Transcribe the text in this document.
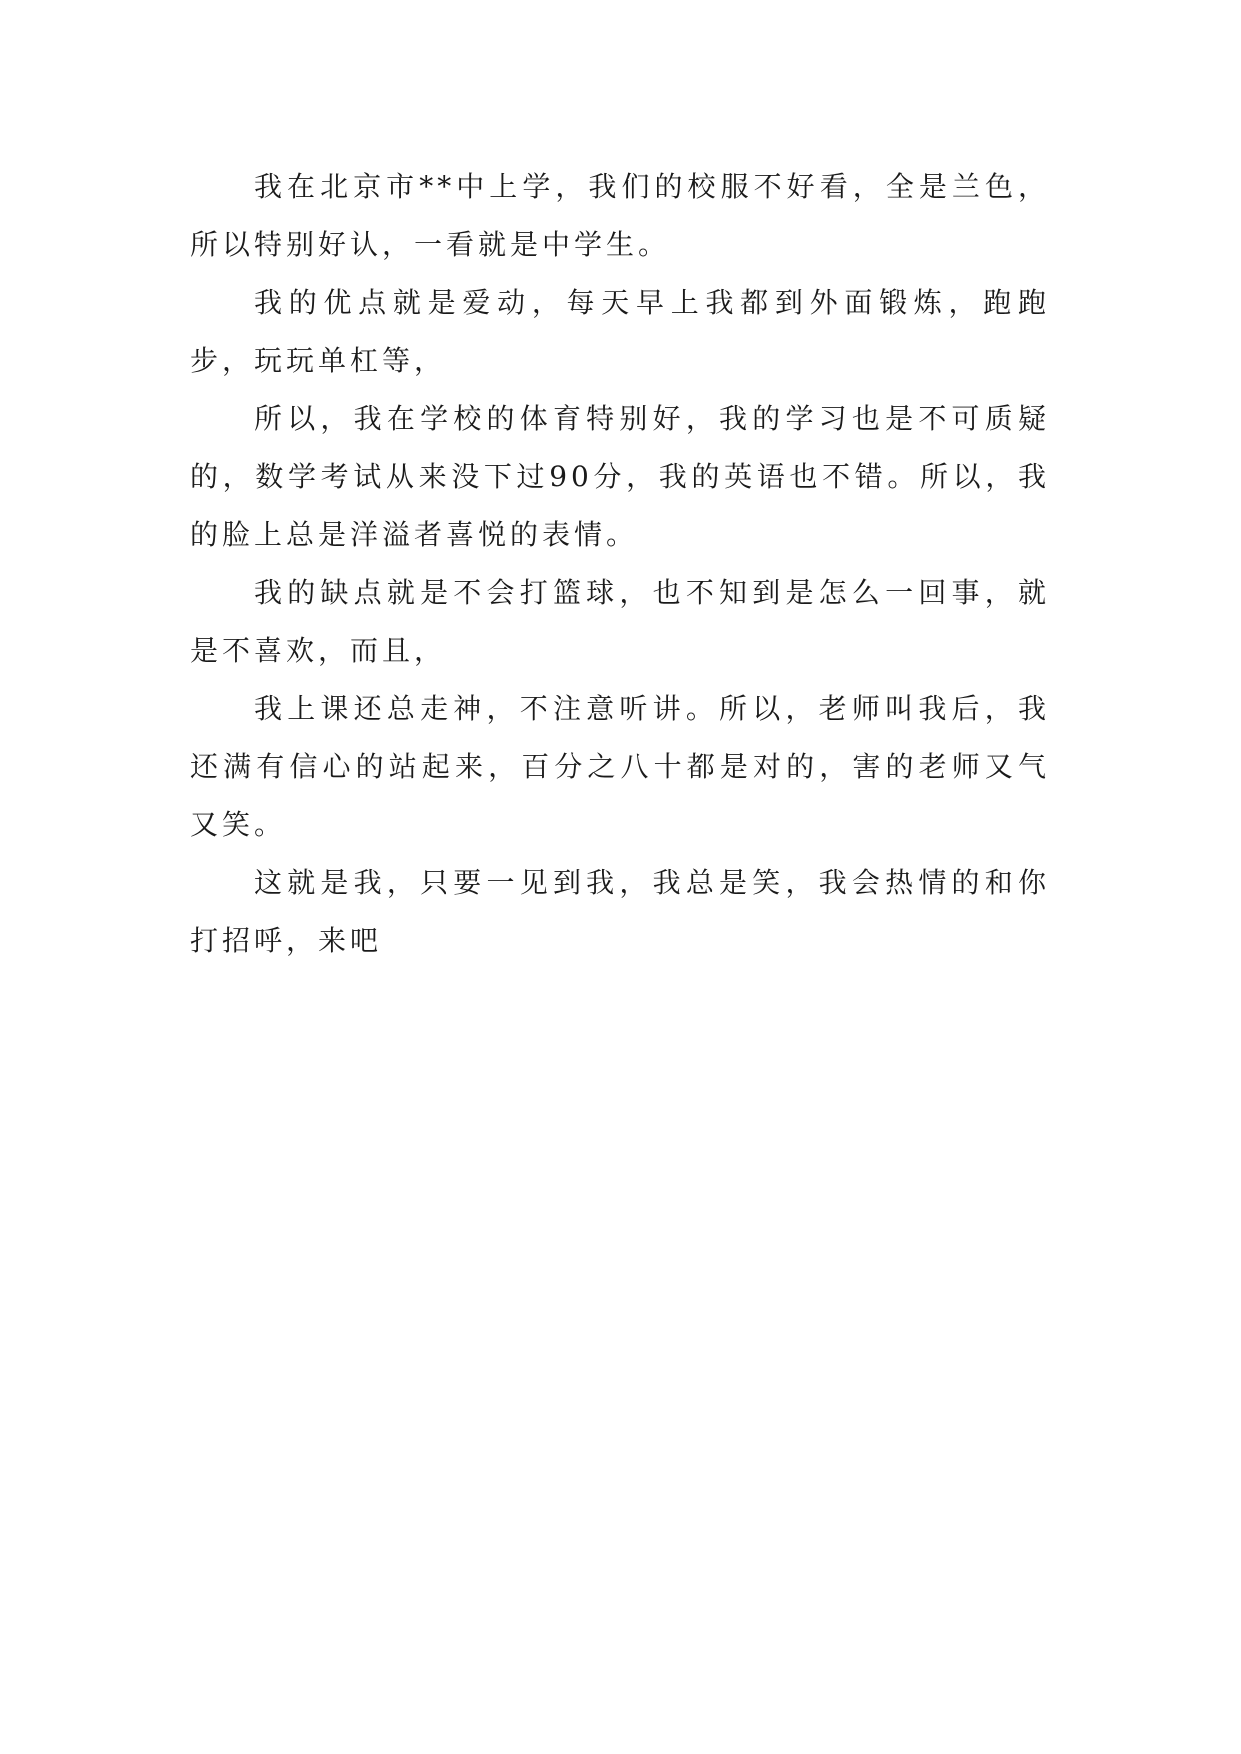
我在北京市**中上学，我们的校服不好看，全是兰色，所以特别好认，一看就是中学生。

我的优点就是爱动，每天早上我都到外面锻炼，跑跑步，玩玩单杠等，

所以，我在学校的体育特别好，我的学习也是不可质疑的，数学考试从来没下过90分，我的英语也不错。所以，我的脸上总是洋溢者喜悦的表情。

我的缺点就是不会打篮球，也不知到是怎么一回事，就是不喜欢，而且，

我上课还总走神，不注意听讲。所以，老师叫我后，我还满有信心的站起来，百分之八十都是对的，害的老师又气又笑。

这就是我，只要一见到我，我总是笑，我会热情的和你打招呼，来吧
